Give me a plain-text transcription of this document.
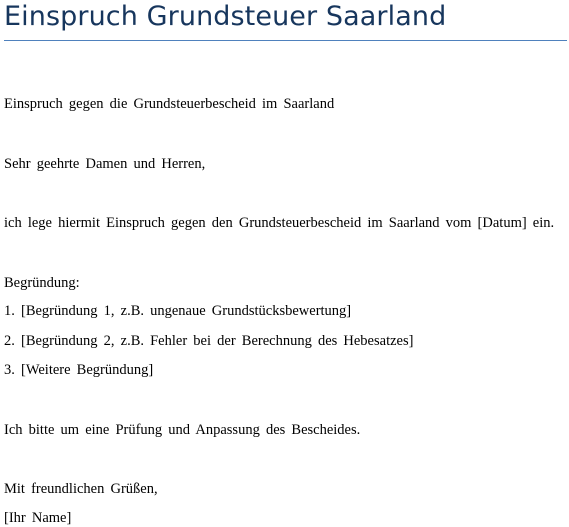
Einspruch Grundsteuer Saarland
Einspruch gegen die Grundsteuerbescheid im Saarland
Sehr geehrte Damen und Herren,
ich lege hiermit Einspruch gegen den Grundsteuerbescheid im Saarland vom [Datum] ein.
Begründung:
1. [Begründung 1, z.B. ungenaue Grundstücksbewertung]
2. [Begründung 2, z.B. Fehler bei der Berechnung des Hebesatzes]
3. [Weitere Begründung]
Ich bitte um eine Prüfung und Anpassung des Bescheides.
Mit freundlichen Grüßen,
[Ihr Name]
